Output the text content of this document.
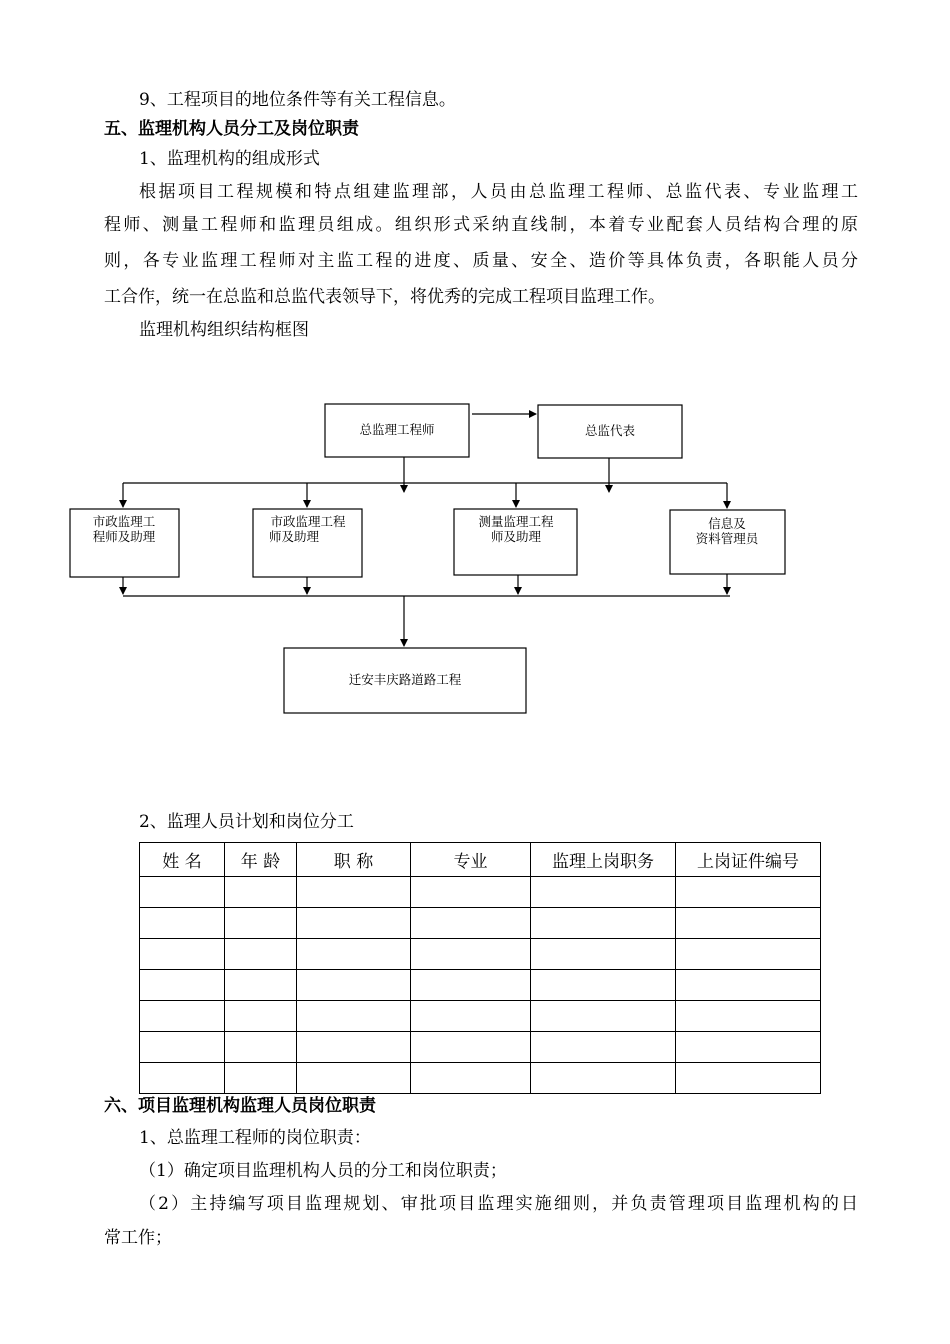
9、工程项目的地位条件等有关工程信息。
五、监理机构人员分工及岗位职责
1、监理机构的组成形式
根据项目工程规模和特点组建监理部，人员由总监理工程师、总监代表、专业监理工
程师、测量工程师和监理员组成。组织形式采纳直线制，本着专业配套人员结构合理的原
则，各专业监理工程师对主监工程的进度、质量、安全、造价等具体负责，各职能人员分
工合作，统一在总监和总监代表领导下，将优秀的完成工程项目监理工作。
监理机构组织结构框图
总监理工程师	总监代表
市政监理工
程师及助理
市政监理工程
师及助理
测量监理工程
师及助理
信息及
资料管理员
迁安丰庆路道路工程
2、监理人员计划和岗位分工
姓 名	年 龄	职 称	专业	监理上岗职务	上岗证件编号

六、项目监理机构监理人员岗位职责
1、总监理工程师的岗位职责：
（1）确定项目监理机构人员的分工和岗位职责；
（2）主持编写项目监理规划、审批项目监理实施细则，并负责管理项目监理机构的日
常工作；
